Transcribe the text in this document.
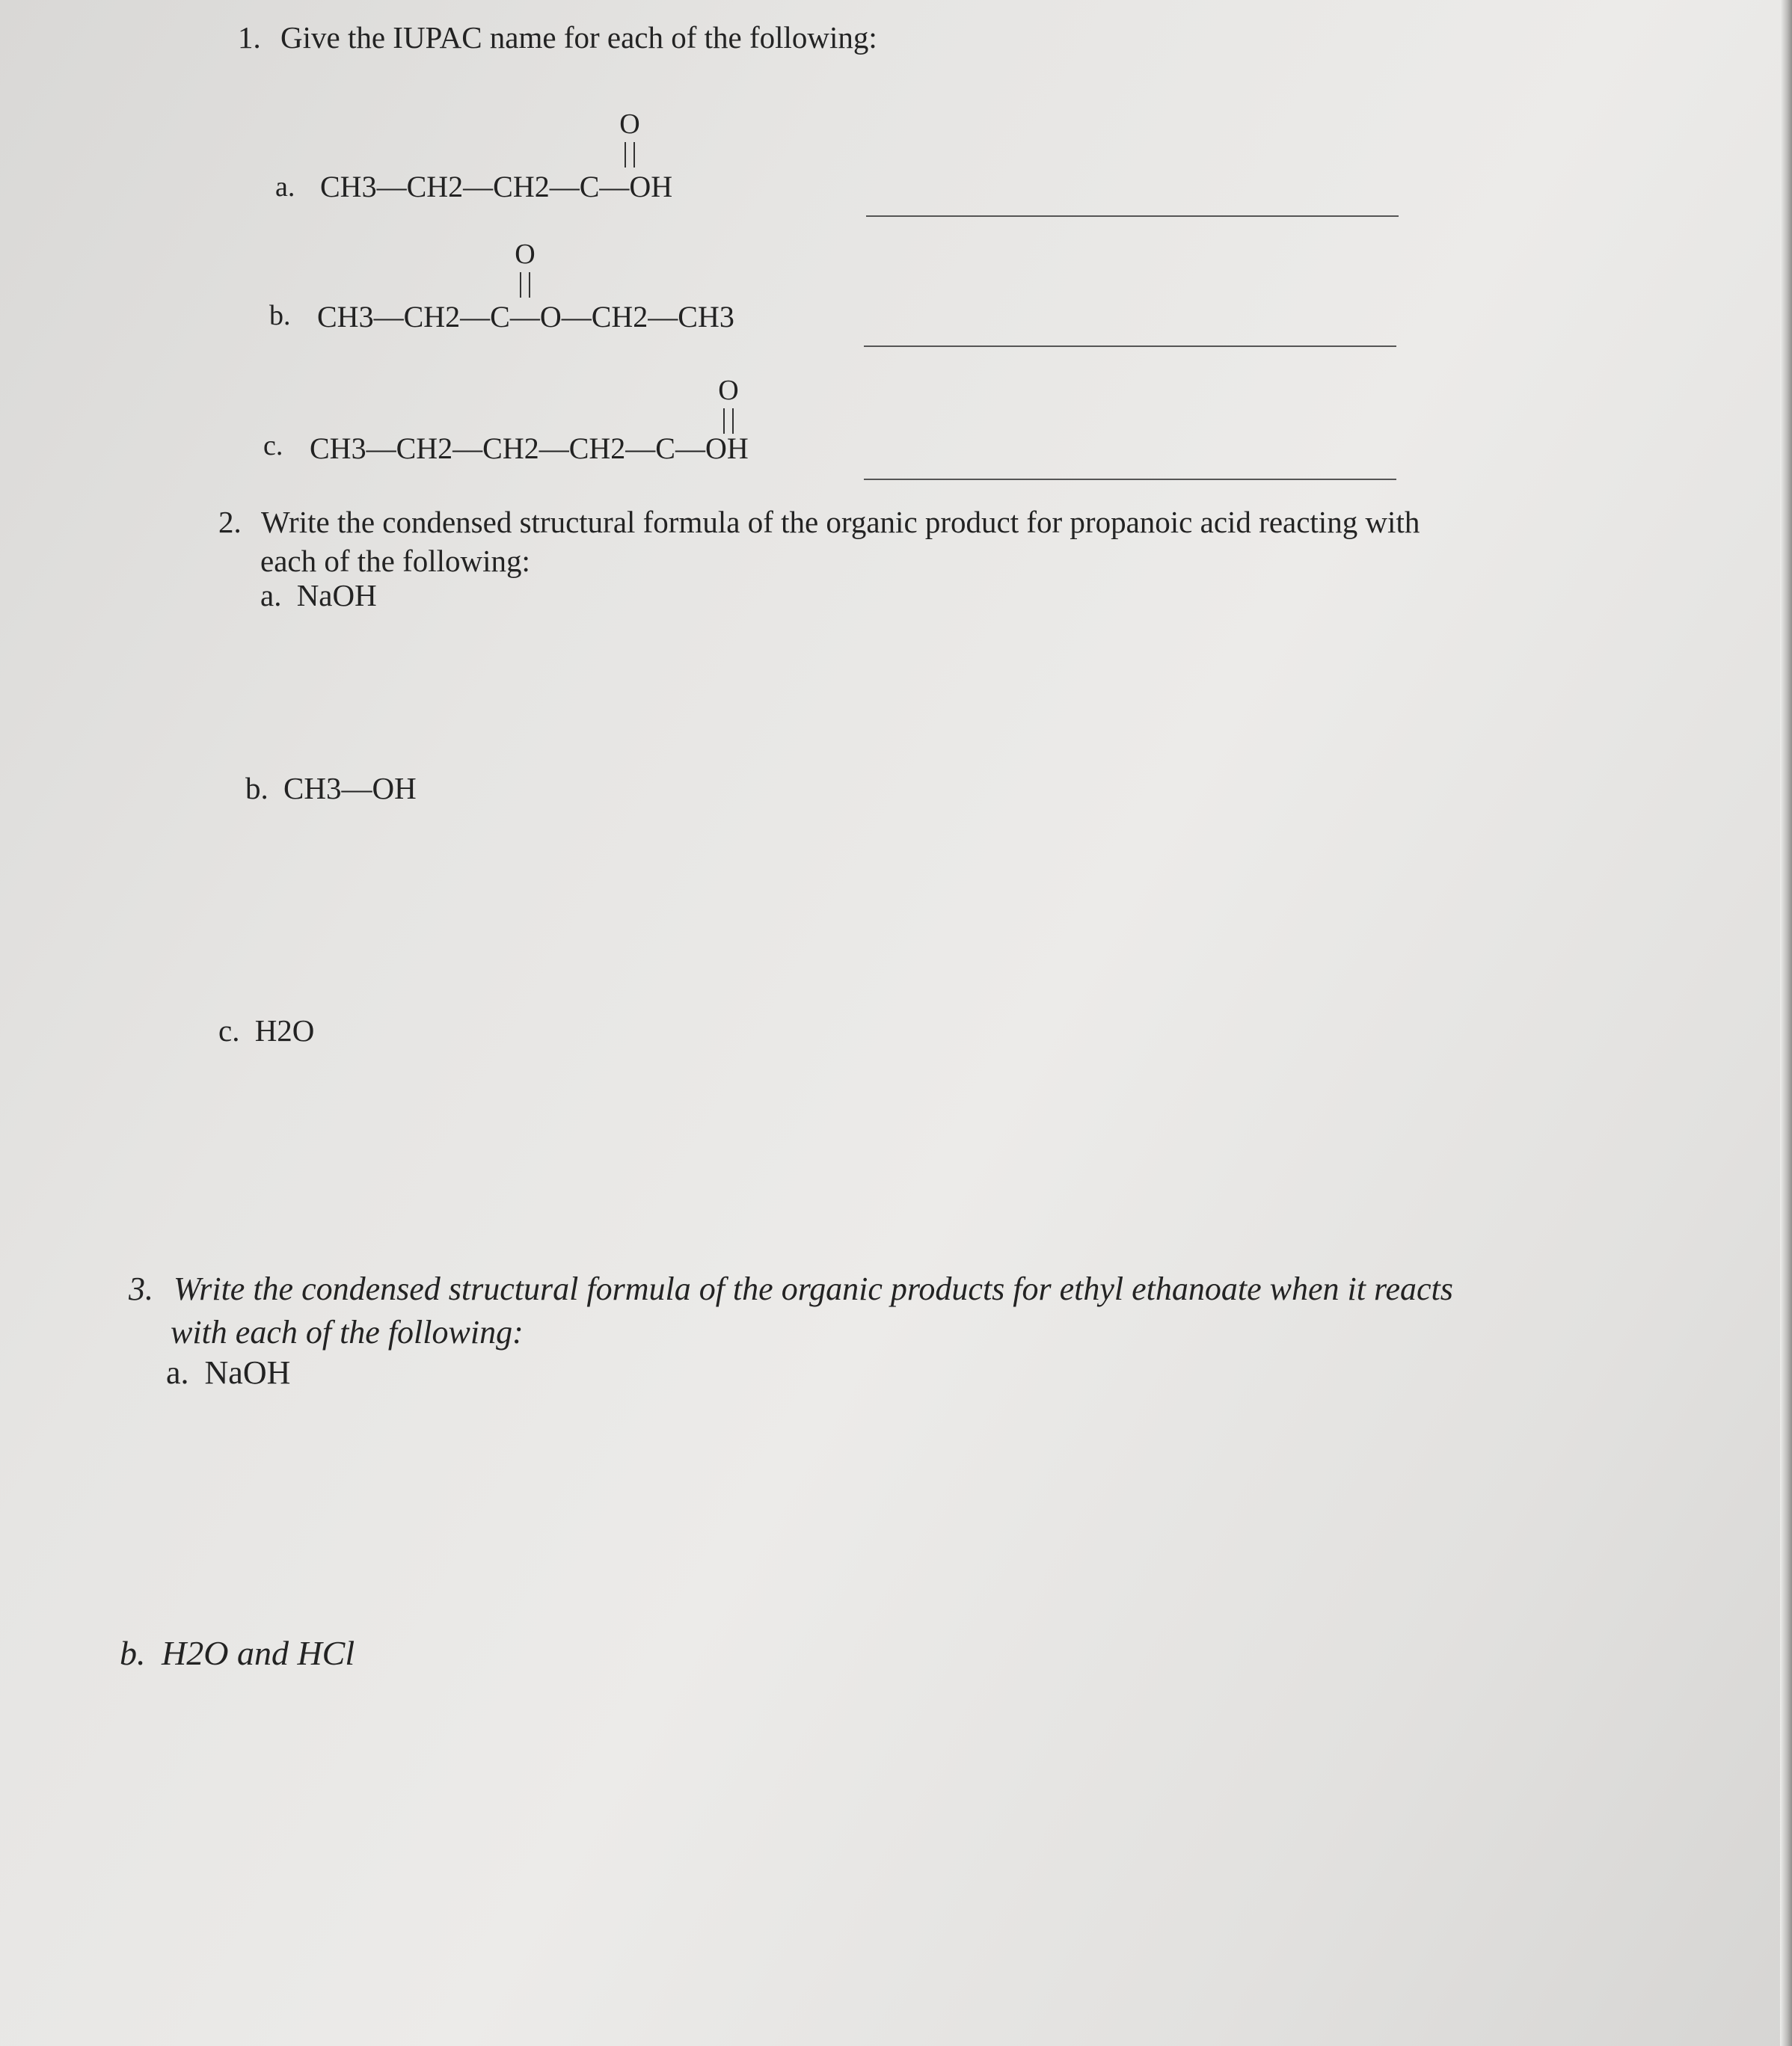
1. Give the IUPAC name for each of the following:
a.
O
CH3—CH2—CH2—C—OH
b.
O
CH3—CH2—C—O—CH2—CH3
c.
O
CH3—CH2—CH2—CH2—C—OH
2. Write the condensed structural formula of the organic product for propanoic acid reacting with
each of the following:
a. NaOH
b. CH3—OH
c. H2O
3. Write the condensed structural formula of the organic products for ethyl ethanoate when it reacts
with each of the following:
a. NaOH
b. H2O and HCl
